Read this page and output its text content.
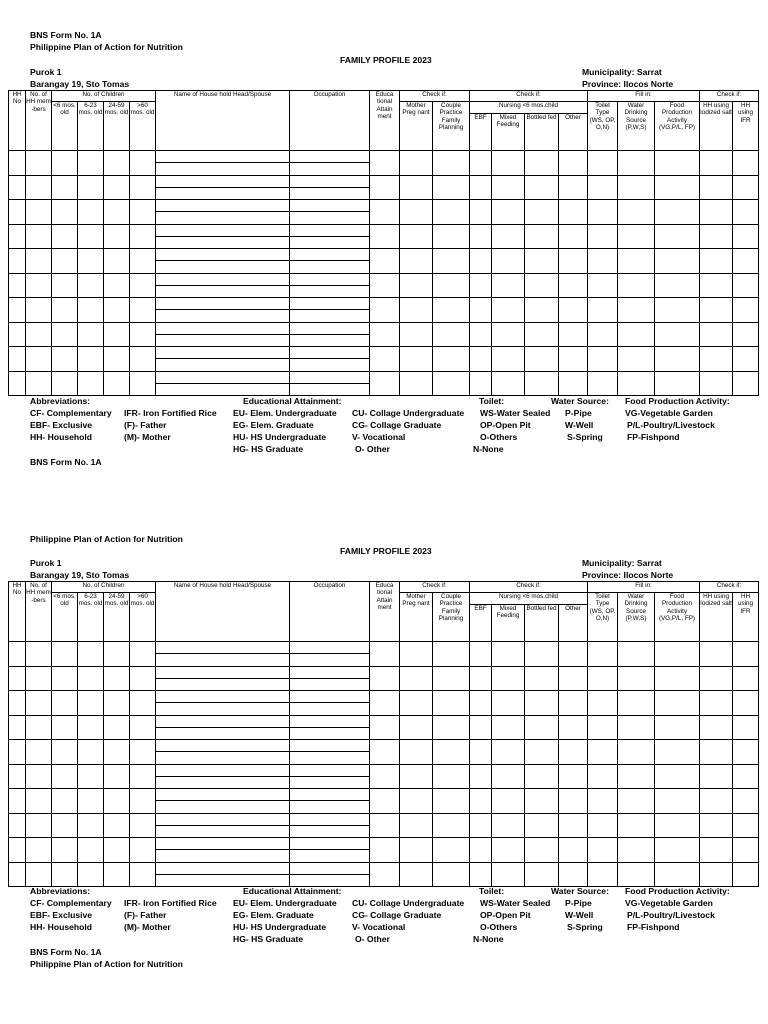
BNS Form No. 1A
Philippine Plan of Action for Nutrition
FAMILY PROFILE 2023
Purok 1
Barangay 19, Sto Tomas
Municipality: Sarrat
Province: Ilocos Norte
HH No	No. of HH mem -bers	No. of Children				Name of House hold Head/Spouse	Occupation	Educa tional Attain ment	Check if:		Check if:				Fill in:			Check if:	
		<6 mos. old	6-23 mos. old	24-59 mos. old	>60 mos. old				Mother Preg nant	Couple Practice Family Planning	Nursing <6 mos.child				Toilet Type (WS, OP, O,N)	Water Drinking Source (P,W,S)	Food Production Activity (VG,P/L, FP)	HH using Iodized salt	HH using IFR
											EBF	Mixed Feeding	Bottled fed	Other					

Abbreviations:
CF- Complementary
EBF- Exclusive
HH- Household
IFR- Iron Fortified Rice
(F)- Father
(M)- Mother
Educational Attainment:
EU- Elem. Undergraduate
EG- Elem. Graduate
HU- HS Undergraduate
HG- HS Graduate
CU- Collage Undergraduate
CG- Collage Graduate
V- Vocational
O- Other
Toilet:
WS-Water Sealed
OP-Open Pit
O-Others
N-None
Water Source:
P-Pipe
W-Well
S-Spring
Food Production Activity:
VG-Vegetable Garden
P/L-Poultry/Livestock
FP-Fishpond
BNS Form No. 1A
Philippine Plan of Action for Nutrition
FAMILY PROFILE 2023
Purok 1
Barangay 19, Sto Tomas
Municipality: Sarrat
Province: Ilocos Norte
HH No	No. of HH mem -bers	No. of Children				Name of House hold Head/Spouse	Occupation	Educa tional Attain ment	Check if:		Check if:				Fill in:			Check if:	
		<6 mos. old	6-23 mos. old	24-59 mos. old	>60 mos. old				Mother Preg nant	Couple Practice Family Planning	Nursing <6 mos.child				Toilet Type (WS, OP, O,N)	Water Drinking Source (P,W,S)	Food Production Activity (VG,P/L, FP)	HH using Iodized salt	HH using IFR
											EBF	Mixed Feeding	Bottled fed	Other					

Abbreviations:
CF- Complementary
EBF- Exclusive
HH- Household
IFR- Iron Fortified Rice
(F)- Father
(M)- Mother
Educational Attainment:
EU- Elem. Undergraduate
EG- Elem. Graduate
HU- HS Undergraduate
HG- HS Graduate
CU- Collage Undergraduate
CG- Collage Graduate
V- Vocational
O- Other
Toilet:
WS-Water Sealed
OP-Open Pit
O-Others
N-None
Water Source:
P-Pipe
W-Well
S-Spring
Food Production Activity:
VG-Vegetable Garden
P/L-Poultry/Livestock
FP-Fishpond
BNS Form No. 1A
Philippine Plan of Action for Nutrition
